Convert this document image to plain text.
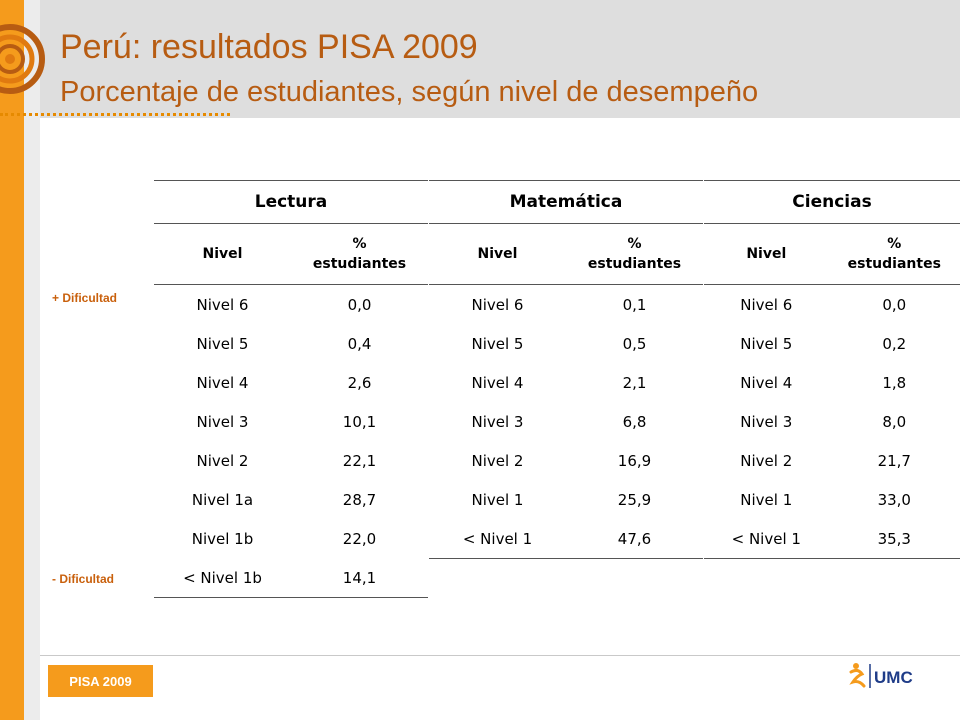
Perú: resultados PISA 2009
Porcentaje de estudiantes, según nivel de desempeño
+ Dificultad
- Dificultad
Lectura	
Nivel	%
estudiantes
Nivel 6	0,0
Nivel 5	0,4
Nivel 4	2,6
Nivel 3	10,1
Nivel 2	22,1
Nivel 1a	28,7
Nivel 1b	22,0
< Nivel 1b	14,1
Matemática	
Nivel	%
estudiantes
Nivel 6	0,1
Nivel 5	0,5
Nivel 4	2,1
Nivel 3	6,8
Nivel 2	16,9
Nivel 1	25,9
< Nivel 1	47,6
Ciencias	
Nivel	%
estudiantes
Nivel 6	0,0
Nivel 5	0,2
Nivel 4	1,8
Nivel 3	8,0
Nivel 2	21,7
Nivel 1	33,0
< Nivel 1	35,3
PISA 2009	UMC
